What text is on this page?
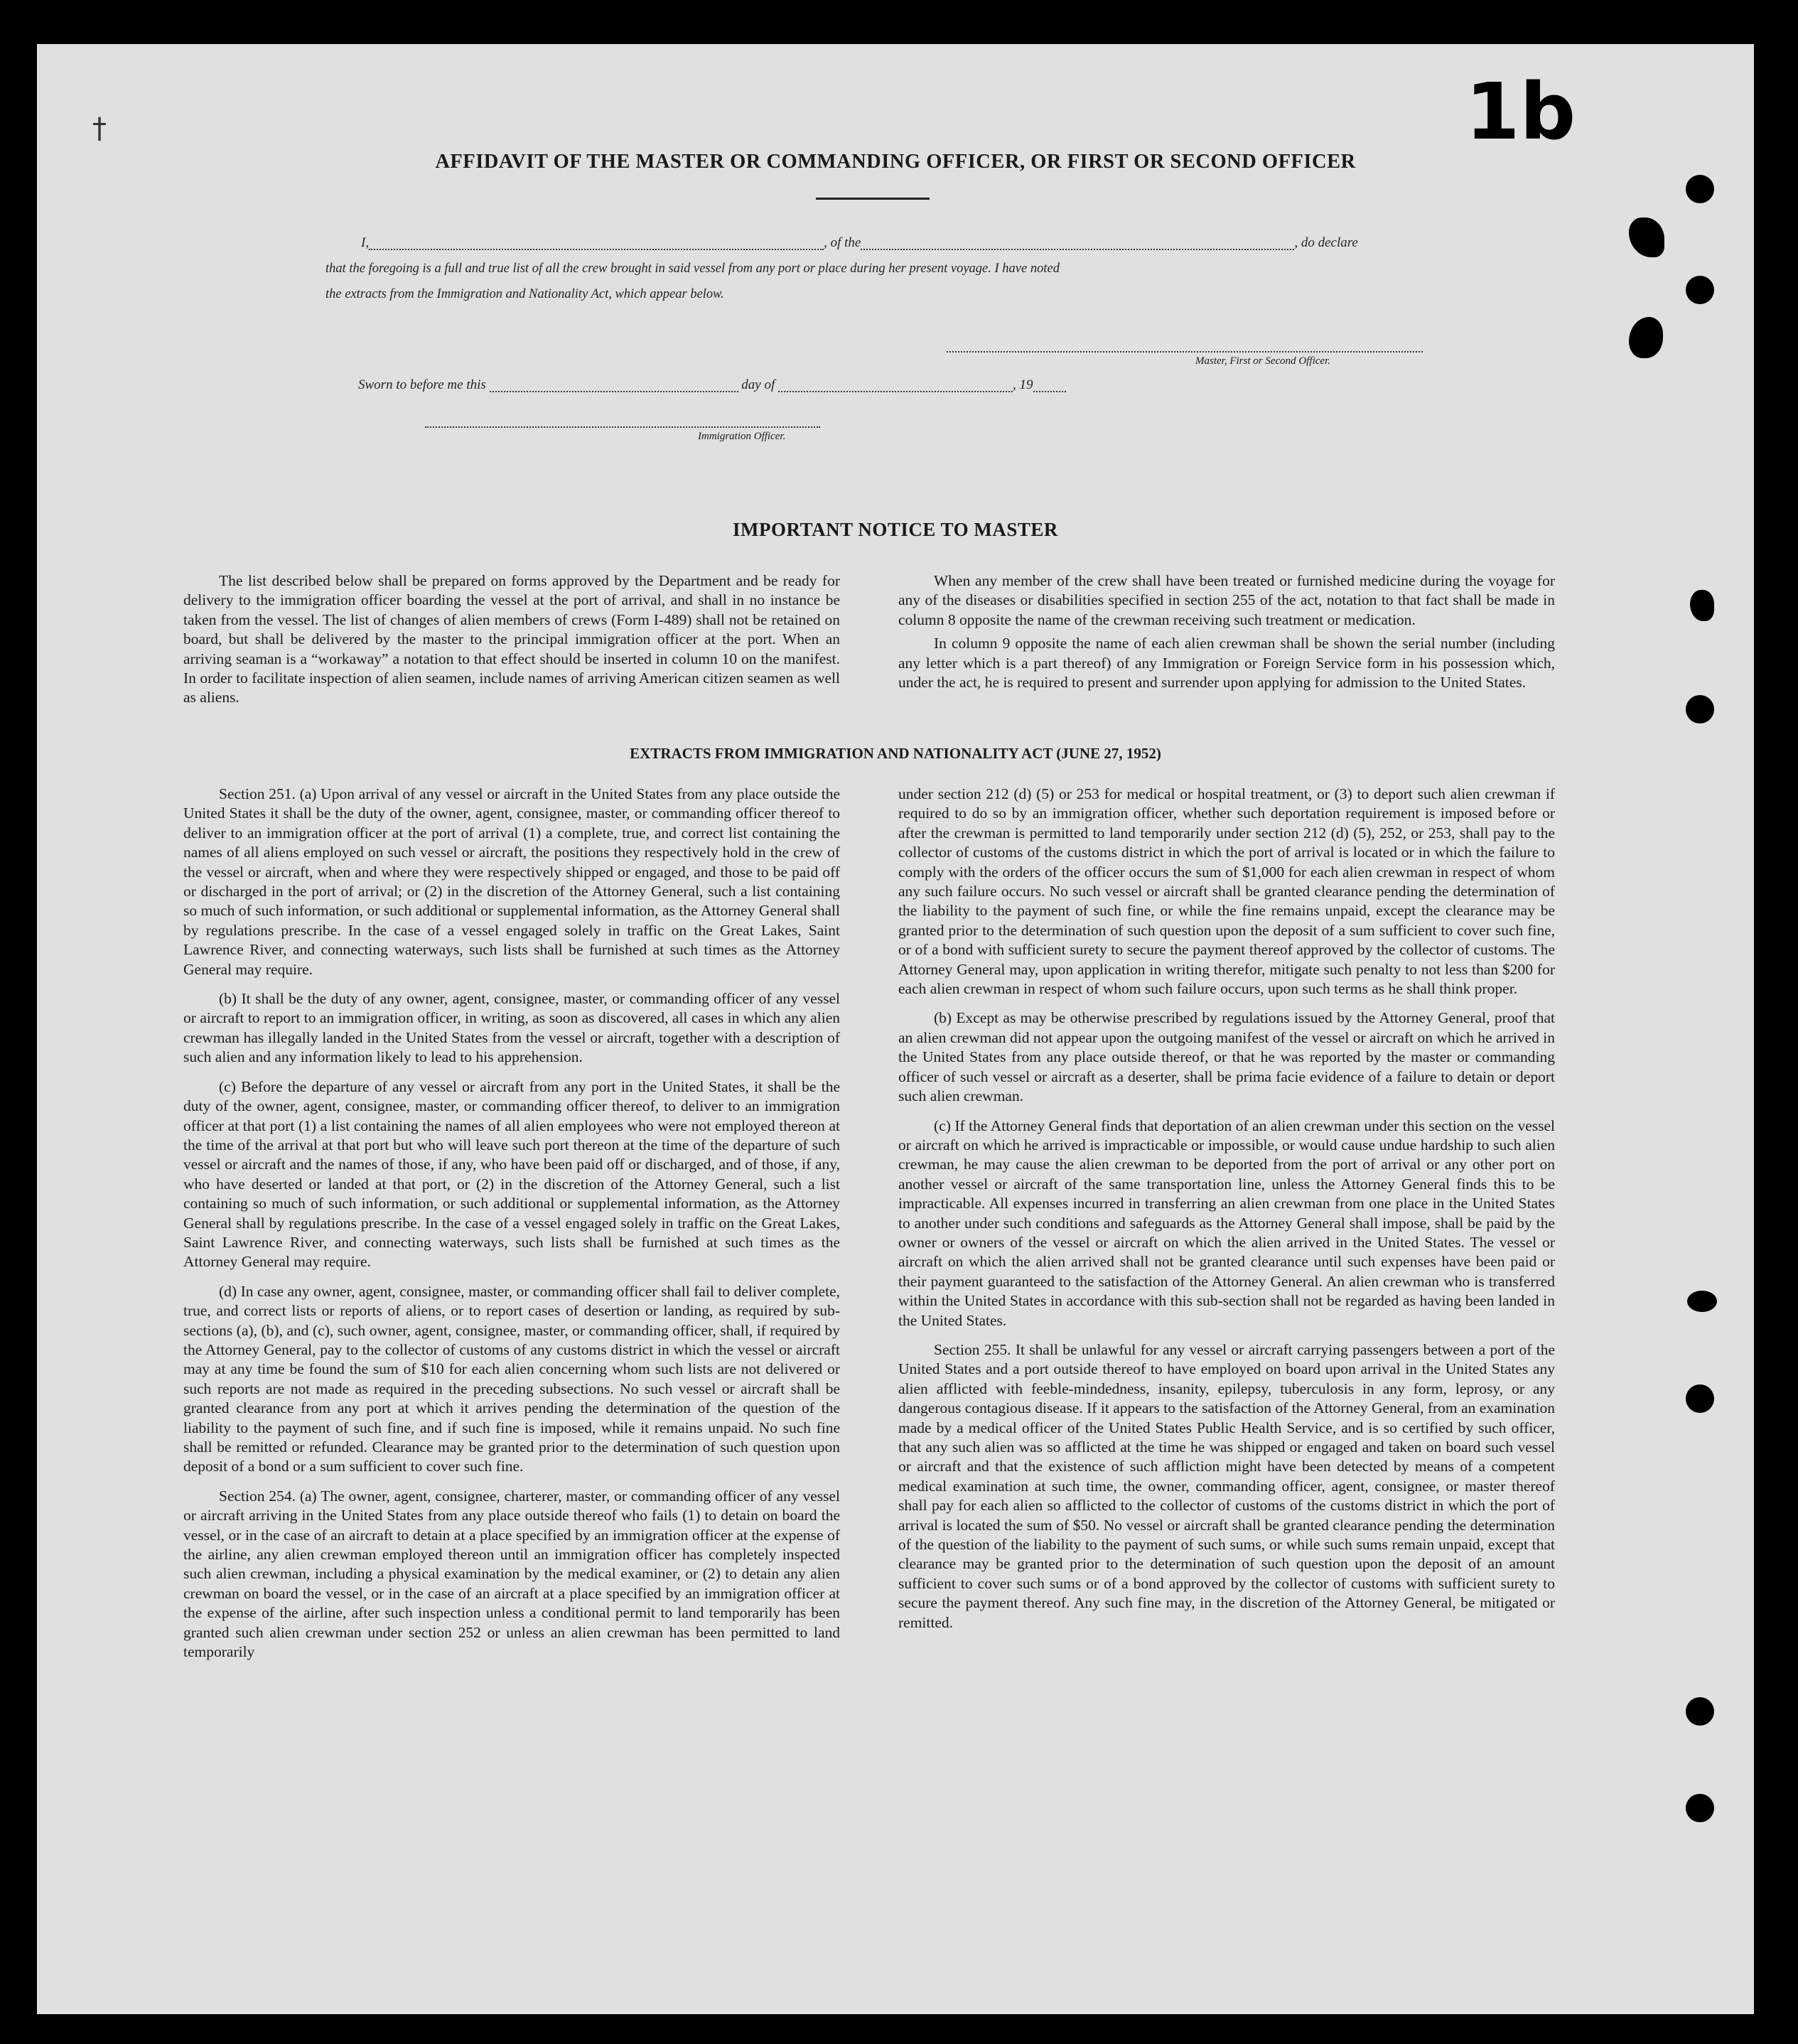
1b
†
AFFIDAVIT OF THE MASTER OR COMMANDING OFFICER, OR FIRST OR SECOND OFFICER
I,	, of the	, do declare
that the foregoing is a full and true list of all the crew brought in said vessel from any port or place during her present voyage. I have noted
the extracts from the Immigration and Nationality Act, which appear below.
Master, First or Second Officer.
Sworn to before me this	day of	, 19
Immigration Officer.
IMPORTANT NOTICE TO MASTER

The list described below shall be prepared on forms approved by the Department and be ready for delivery to the immigration officer boarding the vessel at the port of arrival, and shall in no instance be taken from the vessel. The list of changes of alien members of crews (Form I-489) shall not be retained on board, but shall be delivered by the master to the principal immigration officer at the port. When an arriving seaman is a “workaway” a notation to that effect should be inserted in column 10 on the manifest. In order to facilitate inspection of alien seamen, include names of arriving American citizen seamen as well as aliens.

When any member of the crew shall have been treated or furnished medicine during the voyage for any of the diseases or disabilities specified in section 255 of the act, notation to that fact shall be made in column 8 opposite the name of the crewman receiving such treatment or medication.

In column 9 opposite the name of each alien crewman shall be shown the serial number (including any letter which is a part thereof) of any Immigration or Foreign Service form in his possession which, under the act, he is required to present and surrender upon applying for admission to the United States.

EXTRACTS FROM IMMIGRATION AND NATIONALITY ACT (JUNE 27, 1952)

Section 251. (a) Upon arrival of any vessel or aircraft in the United States from any place outside the United States it shall be the duty of the owner, agent, consignee, master, or commanding officer thereof to deliver to an immigration officer at the port of arrival (1) a complete, true, and correct list containing the names of all aliens employed on such vessel or aircraft, the positions they respectively hold in the crew of the vessel or aircraft, when and where they were respectively shipped or engaged, and those to be paid off or discharged in the port of arrival; or (2) in the discretion of the Attorney General, such a list containing so much of such information, or such additional or supplemental information, as the Attorney General shall by regulations prescribe. In the case of a vessel engaged solely in traffic on the Great Lakes, Saint Lawrence River, and connecting waterways, such lists shall be furnished at such times as the Attorney General may require.

(b) It shall be the duty of any owner, agent, consignee, master, or commanding officer of any vessel or aircraft to report to an immigration officer, in writing, as soon as discovered, all cases in which any alien crewman has illegally landed in the United States from the vessel or aircraft, together with a description of such alien and any information likely to lead to his apprehension.

(c) Before the departure of any vessel or aircraft from any port in the United States, it shall be the duty of the owner, agent, consignee, master, or commanding officer thereof, to deliver to an immigration officer at that port (1) a list containing the names of all alien employees who were not employed thereon at the time of the arrival at that port but who will leave such port thereon at the time of the departure of such vessel or aircraft and the names of those, if any, who have been paid off or discharged, and of those, if any, who have deserted or landed at that port, or (2) in the discretion of the Attorney General, such a list containing so much of such information, or such additional or supplemental information, as the Attorney General shall by regulations prescribe. In the case of a vessel engaged solely in traffic on the Great Lakes, Saint Lawrence River, and connecting waterways, such lists shall be furnished at such times as the Attorney General may require.

(d) In case any owner, agent, consignee, master, or commanding officer shall fail to deliver complete, true, and correct lists or reports of aliens, or to report cases of desertion or landing, as required by sub-sections (a), (b), and (c), such owner, agent, consignee, master, or commanding officer, shall, if required by the Attorney General, pay to the collector of customs of any customs district in which the vessel or aircraft may at any time be found the sum of $10 for each alien concerning whom such lists are not delivered or such reports are not made as required in the preceding subsections. No such vessel or aircraft shall be granted clearance from any port at which it arrives pending the determination of the question of the liability to the payment of such fine, and if such fine is imposed, while it remains unpaid. No such fine shall be remitted or refunded. Clearance may be granted prior to the determination of such question upon deposit of a bond or a sum sufficient to cover such fine.

Section 254. (a) The owner, agent, consignee, charterer, master, or commanding officer of any vessel or aircraft arriving in the United States from any place outside thereof who fails (1) to detain on board the vessel, or in the case of an aircraft to detain at a place specified by an immigration officer at the expense of the airline, any alien crewman employed thereon until an immigration officer has completely inspected such alien crewman, including a physical examination by the medical examiner, or (2) to detain any alien crewman on board the vessel, or in the case of an aircraft at a place specified by an immigration officer at the expense of the airline, after such inspection unless a conditional permit to land temporarily has been granted such alien crewman under section 252 or unless an alien crewman has been permitted to land temporarily

under section 212 (d) (5) or 253 for medical or hospital treatment, or (3) to deport such alien crewman if required to do so by an immigration officer, whether such deportation requirement is imposed before or after the crewman is permitted to land temporarily under section 212 (d) (5), 252, or 253, shall pay to the collector of customs of the customs district in which the port of arrival is located or in which the failure to comply with the orders of the officer occurs the sum of $1,000 for each alien crewman in respect of whom any such failure occurs. No such vessel or aircraft shall be granted clearance pending the determination of the liability to the payment of such fine, or while the fine remains unpaid, except the clearance may be granted prior to the determination of such question upon the deposit of a sum sufficient to cover such fine, or of a bond with sufficient surety to secure the payment thereof approved by the collector of customs. The Attorney General may, upon application in writing therefor, mitigate such penalty to not less than $200 for each alien crewman in respect of whom such failure occurs, upon such terms as he shall think proper.

(b) Except as may be otherwise prescribed by regulations issued by the Attorney General, proof that an alien crewman did not appear upon the outgoing manifest of the vessel or aircraft on which he arrived in the United States from any place outside thereof, or that he was reported by the master or commanding officer of such vessel or aircraft as a deserter, shall be prima facie evidence of a failure to detain or deport such alien crewman.

(c) If the Attorney General finds that deportation of an alien crewman under this section on the vessel or aircraft on which he arrived is impracticable or impossible, or would cause undue hardship to such alien crewman, he may cause the alien crewman to be deported from the port of arrival or any other port on another vessel or aircraft of the same transportation line, unless the Attorney General finds this to be impracticable. All expenses incurred in transferring an alien crewman from one place in the United States to another under such conditions and safeguards as the Attorney General shall impose, shall be paid by the owner or owners of the vessel or aircraft on which the alien arrived in the United States. The vessel or aircraft on which the alien arrived shall not be granted clearance until such expenses have been paid or their payment guaranteed to the satisfaction of the Attorney General. An alien crewman who is transferred within the United States in accordance with this sub-section shall not be regarded as having been landed in the United States.

Section 255. It shall be unlawful for any vessel or aircraft carrying passengers between a port of the United States and a port outside thereof to have employed on board upon arrival in the United States any alien afflicted with feeble-mindedness, insanity, epilepsy, tuberculosis in any form, leprosy, or any dangerous contagious disease. If it appears to the satisfaction of the Attorney General, from an examination made by a medical officer of the United States Public Health Service, and is so certified by such officer, that any such alien was so afflicted at the time he was shipped or engaged and taken on board such vessel or aircraft and that the existence of such affliction might have been detected by means of a competent medical examination at such time, the owner, commanding officer, agent, consignee, or master thereof shall pay for each alien so afflicted to the collector of customs of the customs district in which the port of arrival is located the sum of $50. No vessel or aircraft shall be granted clearance pending the determination of the question of the liability to the payment of such sums, or while such sums remain unpaid, except that clearance may be granted prior to the determination of such question upon the deposit of an amount sufficient to cover such sums or of a bond approved by the collector of customs with sufficient surety to secure the payment thereof. Any such fine may, in the discretion of the Attorney General, be mitigated or remitted.
